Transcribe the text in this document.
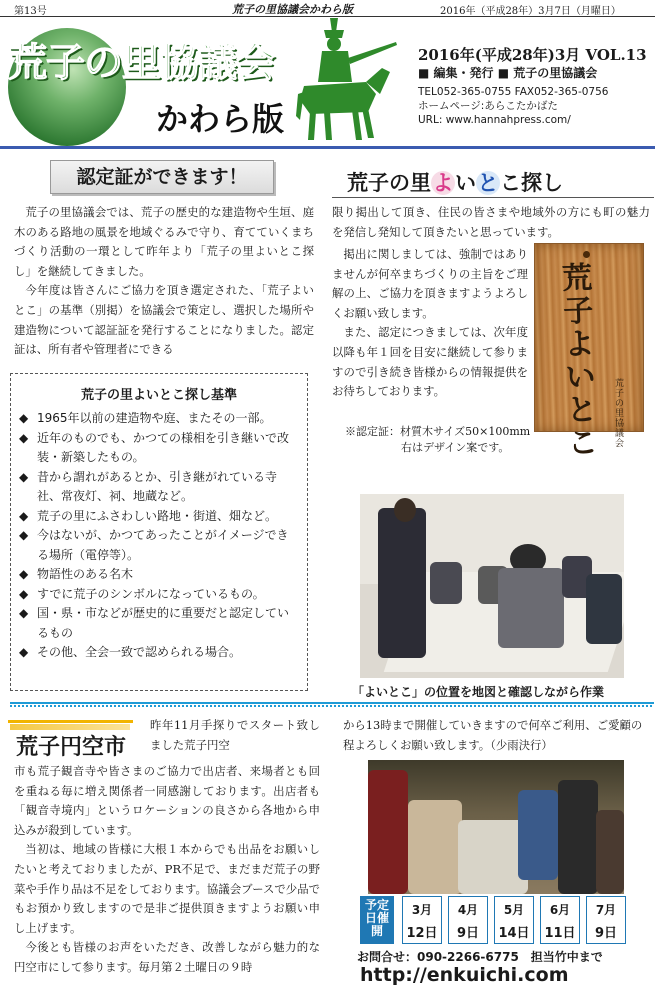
第13号	荒子の里協議会かわら版	2016年（平成28年）3月7日（月曜日）
荒子の里協議会
かわら版
2016年(平成28年)3月 VOL.13
■ 編集・発行 ■ 荒子の里協議会
TEL052-365-0755 FAX052-365-0756
ホームページ:あらこたかばた
URL: www.hannahpress.com/
認定証ができます！

荒子の里協議会では、荒子の歴史的な建造物や生垣、庭木のある路地の風景を地域ぐるみで守り、育てていくまちづくり活動の一環として昨年より「荒子の里よいとこ探し」を継続してきました。

今年度は皆さんにご協力を頂き選定された、「荒子よいとこ」の基準（別掲）を協議会で策定し、選択した場所や建造物について認証証を発行することになりました。認定証は、所有者や管理者にできる

荒子の里よいとこ探し基準
◆ 1965年以前の建造物や庭、またその一部。
◆ 近年のものでも、かつての様相を引き継いで改装・新築したもの。
◆ 昔から謂れがあるとか、引き継がれている寺社、常夜灯、祠、地蔵など。
◆ 荒子の里にふさわしい路地・街道、畑など。
◆ 今はないが、かつてあったことがイメージできる場所（電停等）。
◆ 物語性のある名木
◆ すでに荒子のシンボルになっているもの。
◆ 国・県・市などが歴史的に重要だと認定しているもの
◆ その他、全会一致で認められる場合。
荒子の里よいとこ探し
限り掲出して頂き、住民の皆さまや地域外の方にも町の魅力を発信し発知して頂きたいと思っています。

掲出に関しましては、強制ではありませんが何卒まちづくりの主旨をご理解の上、ご協力を頂きますようよろしくお願い致します。

また、認定につきましては、次年度以降も年１回を目安に継続して参りますので引き続き皆様からの情報提供をお待ちしております。

荒子よいとこ
荒子の里協議会
※認定証：材質木サイズ50×100mm
右はデザイン案です。
「よいとこ」の位置を地図と確認しながら作業
荒子円空市
昨年11月手探りでスタート致しました荒子円空

市も荒子観音寺や皆さまのご協力で出店者、来場者とも回を重ねる毎に増え関係者一同感謝しております。出店者も「観音寺境内」というロケーションの良さから各地から申込みが殺到しています。

当初は、地域の皆様に大根１本からでも出品をお願いしたいと考えておりましたが、PR不足で、まだまだ荒子の野菜や手作り品は不足をしております。協議会ブースで少品でもお預かり致しますので是非ご提供頂きますようお願い申し上げます。

今後とも皆様のお声をいただき、改善しながら魅力的な円空市にして参ります。毎月第２土曜日の９時

から13時まで開催していきますので何卒ご利用、ご愛顧の程よろしくお願い致します。（少雨決行）
予定日催開
3月
12日
4月
9日
5月
14日
6月
11日
7月
9日
お問合せ：090-2266-6775　担当竹中まで
http://enkuichi.com
